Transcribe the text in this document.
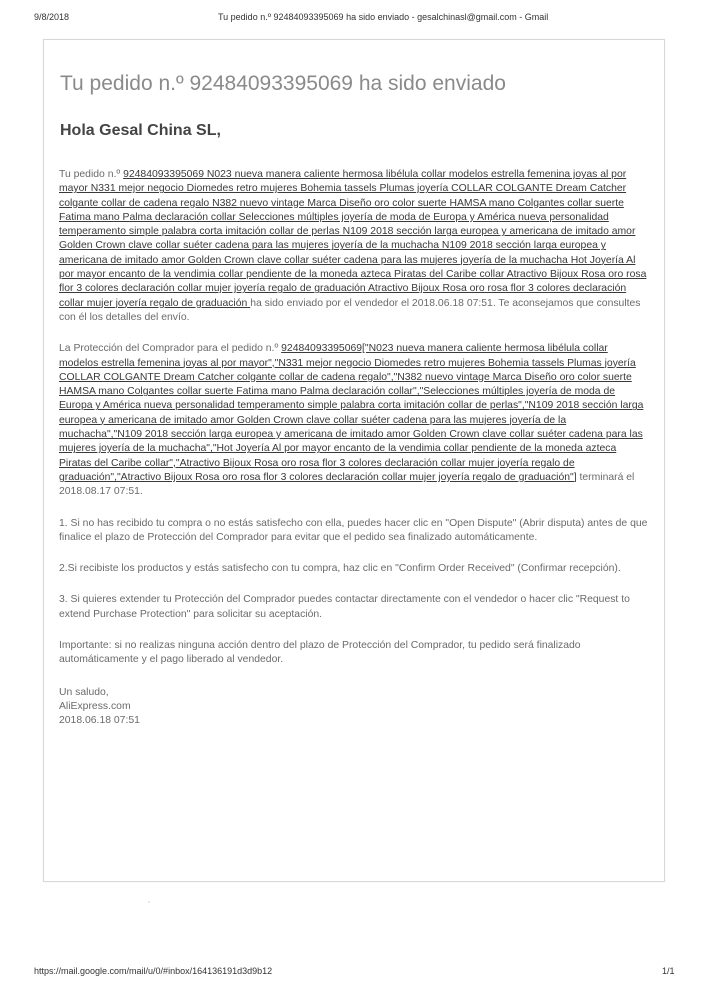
9/8/2018	Tu pedido n.º 92484093395069 ha sido enviado - gesalchinasl@gmail.com - Gmail
Tu pedido n.º 92484093395069 ha sido enviado
Hola Gesal China SL,

Tu pedido n.º 92484093395069 N023 nueva manera caliente hermosa libélula collar modelos estrella femenina joyas al por mayor N331 mejor negocio Diomedes retro mujeres Bohemia tassels Plumas joyería COLLAR COLGANTE Dream Catcher colgante collar de cadena regalo N382 nuevo vintage Marca Diseño oro color suerte HAMSA mano Colgantes collar suerte Fatima mano Palma declaración collar Selecciones múltiples joyería de moda de Europa y América nueva personalidad temperamento simple palabra corta imitación collar de perlas N109 2018 sección larga europea y americana de imitado amor Golden Crown clave collar suéter cadena para las mujeres joyería de la muchacha N109 2018 sección larga europea y americana de imitado amor Golden Crown clave collar suéter cadena para las mujeres joyería de la muchacha Hot Joyería Al por mayor encanto de la vendimia collar pendiente de la moneda azteca Piratas del Caribe collar Atractivo Bijoux Rosa oro rosa flor 3 colores declaración collar mujer joyería regalo de graduación Atractivo Bijoux Rosa oro rosa flor 3 colores declaración collar mujer joyería regalo de graduación ha sido enviado por el vendedor el 2018.06.18 07:51. Te aconsejamos que consultes con él los detalles del envío.

La Protección del Comprador para el pedido n.º 92484093395069["N023 nueva manera caliente hermosa libélula collar modelos estrella femenina joyas al por mayor","N331 mejor negocio Diomedes retro mujeres Bohemia tassels Plumas joyería COLLAR COLGANTE Dream Catcher colgante collar de cadena regalo","N382 nuevo vintage Marca Diseño oro color suerte HAMSA mano Colgantes collar suerte Fatima mano Palma declaración collar","Selecciones múltiples joyería de moda de Europa y América nueva personalidad temperamento simple palabra corta imitación collar de perlas","N109 2018 sección larga europea y americana de imitado amor Golden Crown clave collar suéter cadena para las mujeres joyería de la muchacha","N109 2018 sección larga europea y americana de imitado amor Golden Crown clave collar suéter cadena para las mujeres joyería de la muchacha","Hot Joyería Al por mayor encanto de la vendimia collar pendiente de la moneda azteca Piratas del Caribe collar","Atractivo Bijoux Rosa oro rosa flor 3 colores declaración collar mujer joyería regalo de graduación","Atractivo Bijoux Rosa oro rosa flor 3 colores declaración collar mujer joyería regalo de graduación"] terminará el 2018.08.17 07:51.

1. Si no has recibido tu compra o no estás satisfecho con ella, puedes hacer clic en "Open Dispute" (Abrir disputa) antes de que finalice el plazo de Protección del Comprador para evitar que el pedido sea finalizado automáticamente.

2.Si recibiste los productos y estás satisfecho con tu compra, haz clic en "Confirm Order Received" (Confirmar recepción).

3. Si quieres extender tu Protección del Comprador puedes contactar directamente con el vendedor o hacer clic "Request to extend Purchase Protection" para solicitar su aceptación.

Importante: si no realizas ninguna acción dentro del plazo de Protección del Comprador, tu pedido será finalizado automáticamente y el pago liberado al vendedor.

Un saludo,
AliExpress.com
2018.06.18 07:51
⸴
https://mail.google.com/mail/u/0/#inbox/164136191d3d9b12	1/1
